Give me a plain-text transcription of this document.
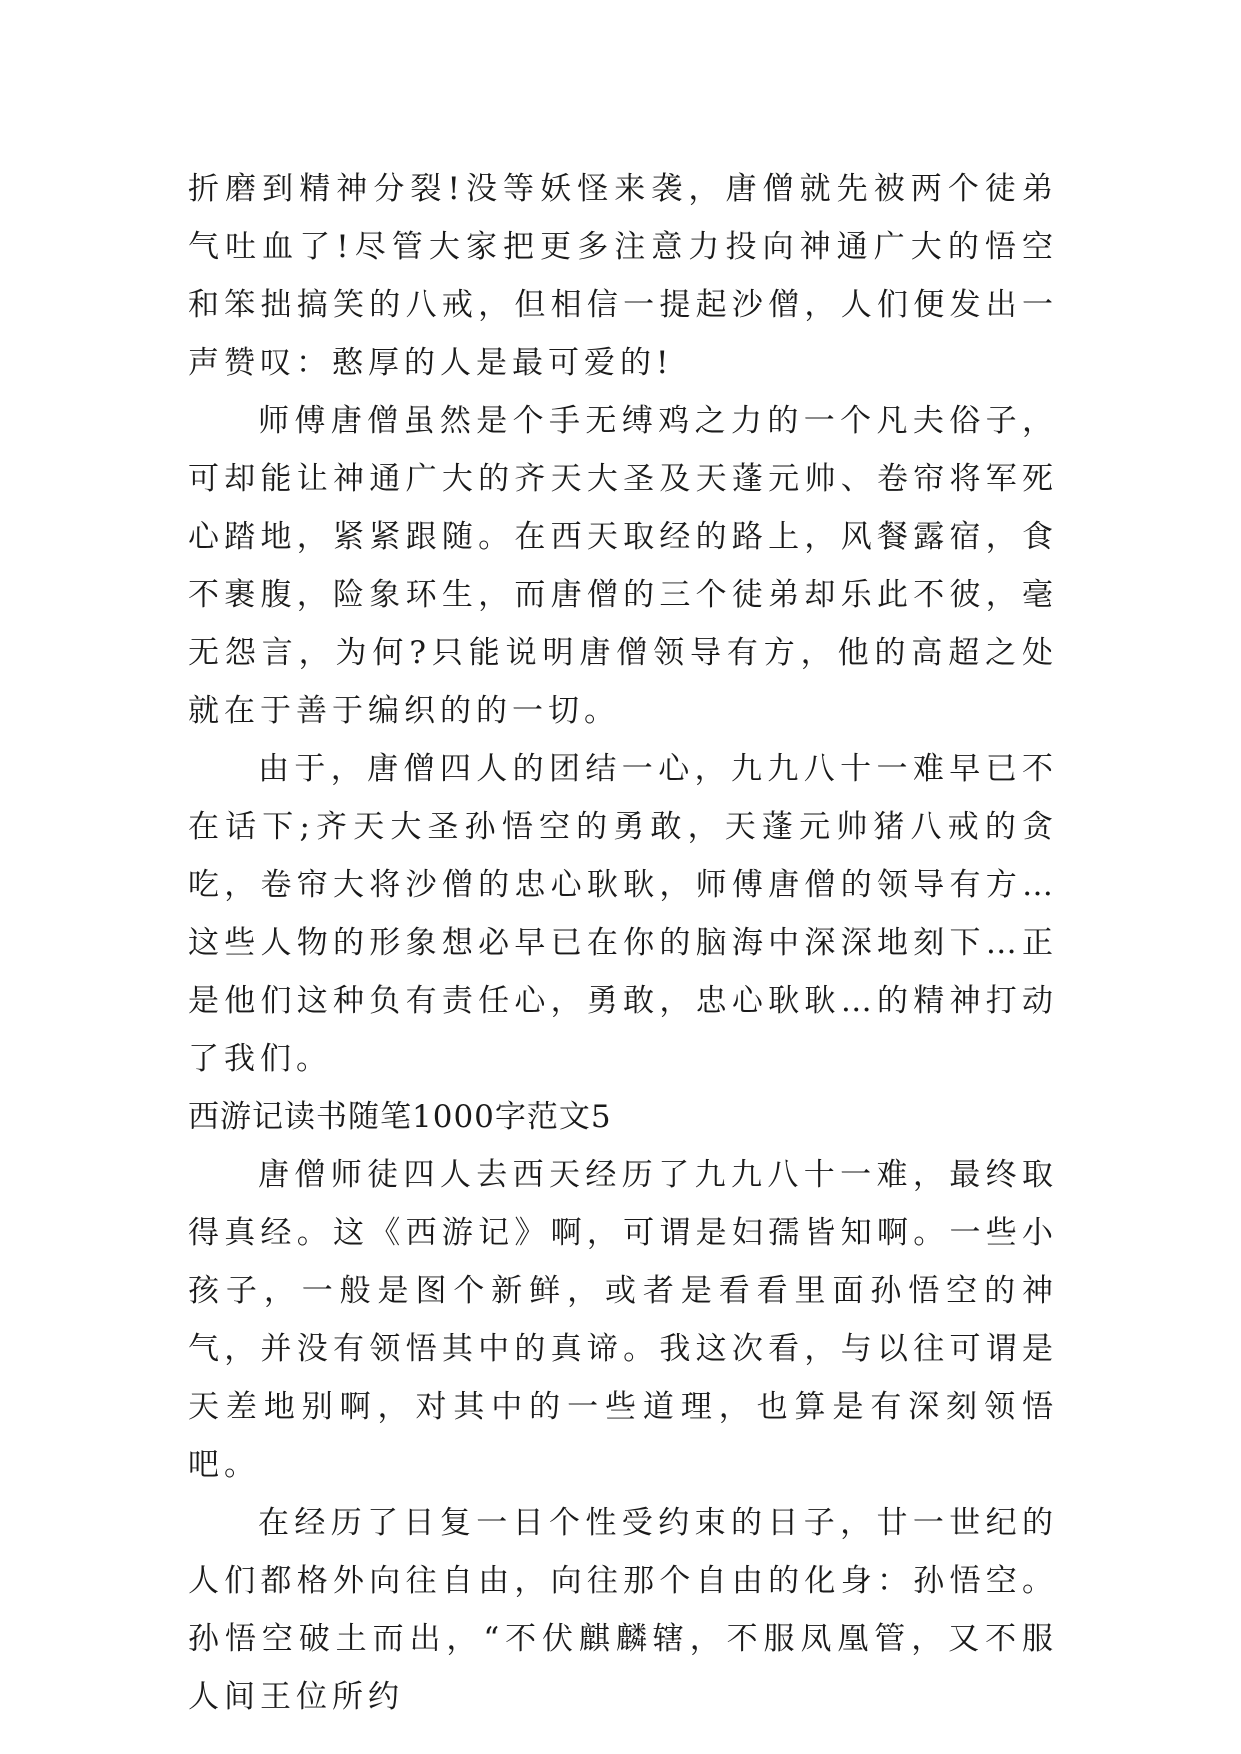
折磨到精神分裂!没等妖怪来袭，唐僧就先被两个徒弟气吐血了!尽管大家把更多注意力投向神通广大的悟空和笨拙搞笑的八戒，但相信一提起沙僧，人们便发出一声赞叹：憨厚的人是最可爱的!

师傅唐僧虽然是个手无缚鸡之力的一个凡夫俗子，可却能让神通广大的齐天大圣及天蓬元帅、卷帘将军死心踏地，紧紧跟随。在西天取经的路上，风餐露宿，食不裹腹，险象环生，而唐僧的三个徒弟却乐此不彼，毫无怨言，为何?只能说明唐僧领导有方，他的高超之处就在于善于编织的的一切。

由于，唐僧四人的团结一心，九九八十一难早已不在话下;齐天大圣孙悟空的勇敢，天蓬元帅猪八戒的贪吃，卷帘大将沙僧的忠心耿耿，师傅唐僧的领导有方…这些人物的形象想必早已在你的脑海中深深地刻下…正是他们这种负有责任心，勇敢，忠心耿耿…的精神打动了我们。

西游记读书随笔1000字范文5

唐僧师徒四人去西天经历了九九八十一难，最终取得真经。这《西游记》啊，可谓是妇孺皆知啊。一些小孩子，一般是图个新鲜，或者是看看里面孙悟空的神气，并没有领悟其中的真谛。我这次看，与以往可谓是天差地别啊，对其中的一些道理，也算是有深刻领悟吧。

在经历了日复一日个性受约束的日子，廿一世纪的人们都格外向往自由，向往那个自由的化身：孙悟空。孙悟空破土而出，“不伏麒麟辖，不服凤凰管，又不服人间王位所约
